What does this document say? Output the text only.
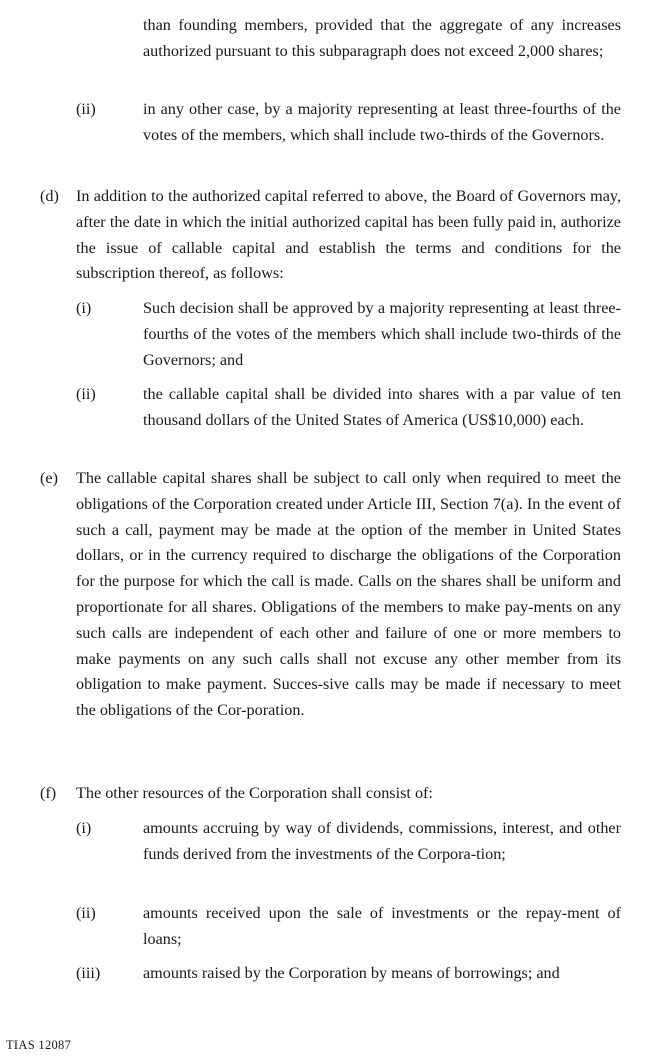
than founding members, provided that the aggregate of any increases authorized pursuant to this subparagraph does not exceed 2,000 shares;
(ii)	in any other case, by a majority representing at least three-fourths of the votes of the members, which shall include two-thirds of the Governors.
(d) In addition to the authorized capital referred to above, the Board of Governors may, after the date in which the initial authorized capital has been fully paid in, authorize the issue of callable capital and establish the terms and conditions for the subscription thereof, as follows:
(i)	Such decision shall be approved by a majority representing at least three-fourths of the votes of the members which shall include two-thirds of the Governors; and
(ii)	the callable capital shall be divided into shares with a par value of ten thousand dollars of the United States of America (US$10,000) each.
(e) The callable capital shares shall be subject to call only when required to meet the obligations of the Corporation created under Article III, Section 7(a). In the event of such a call, payment may be made at the option of the member in United States dollars, or in the currency required to discharge the obligations of the Corporation for the purpose for which the call is made. Calls on the shares shall be uniform and proportionate for all shares. Obligations of the members to make pay-ments on any such calls are independent of each other and failure of one or more members to make payments on any such calls shall not excuse any other member from its obligation to make payment. Succes-sive calls may be made if necessary to meet the obligations of the Cor-poration.
(f) The other resources of the Corporation shall consist of:
(i)	amounts accruing by way of dividends, commissions, interest, and other funds derived from the investments of the Corpora-tion;
(ii)	amounts received upon the sale of investments or the repay-ment of loans;
(iii)	amounts raised by the Corporation by means of borrowings; and
TIAS 12087
